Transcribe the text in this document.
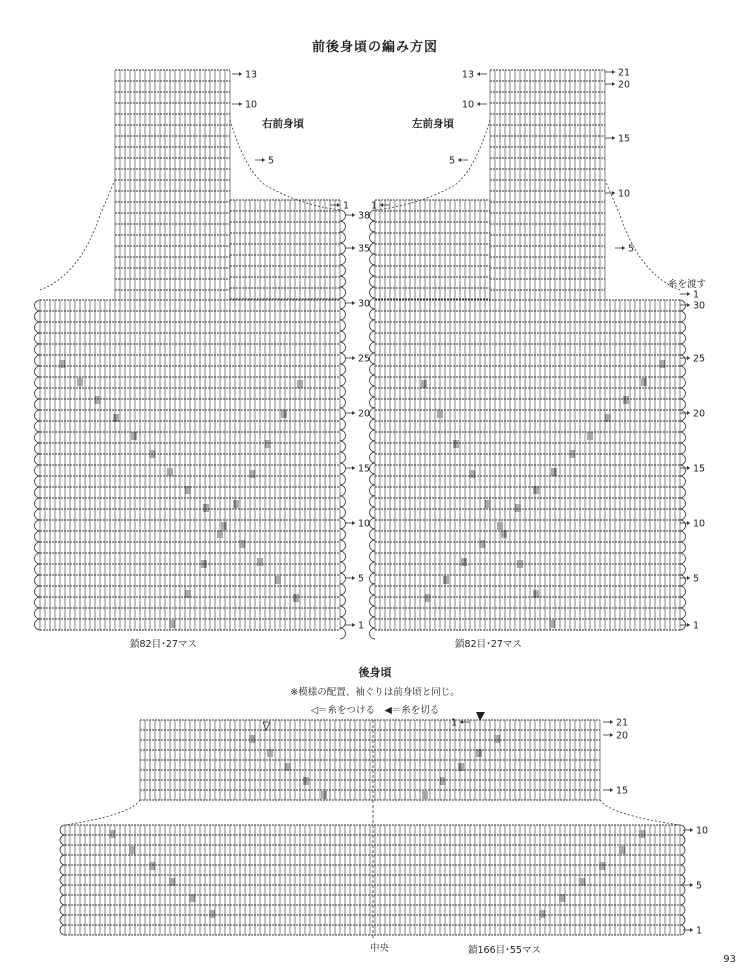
13
10
5
1
38
35
30
25
20
15
10
5
1
13
10
5
1
21
20
15
10
5
1
30
25
20
15
10
5
1
糸を渡す
1	21
20
15
10
5
1
前後身頃の編み方図
右前身頃	左前身頃
鎖82目･27マス	鎖82目･27マス
後身頃
※模様の配置、袖ぐりは前身頃と同じ。
◁＝糸をつける　◀＝糸を切る
中央	鎖166目･55マス
93
